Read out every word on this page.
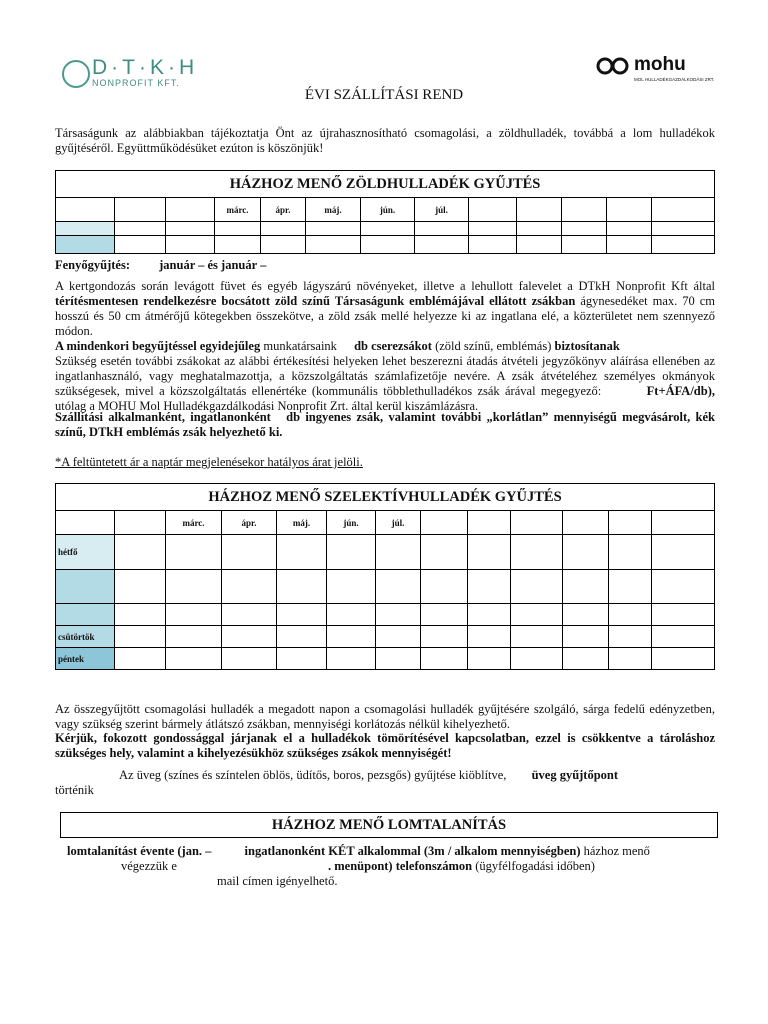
D·T·K·H
NONPROFIT KFT.
mohu
MOL HULLADÉKGAZDÁLKODÁSI ZRT.
ÉVI SZÁLLÍTÁSI REND
Társaságunk az alábbiakban tájékoztatja Önt az újrahasznosítható csomagolási, a zöldhulladék, továbbá a lom hulladékok gyűjtéséről. Együttműködésüket ezúton is köszönjük!
HÁZHOZ MENŐ ZÖLDHULLADÉK GYŰJTÉS												
			márc.	ápr.	máj.	jún.	júl.					

Fenyőgyűjtés: január – és január –
A kertgondozás során levágott füvet és egyéb lágyszárú növényeket, illetve a lehullott falevelet a DTkH Nonprofit Kft által térítésmentesen rendelkezésre bocsátott zöld színű Társaságunk emblémájával ellátott zsákban ágynesedéket max. 70 cm hosszú és 50 cm átmérőjű kötegekben összekötve, a zöld zsák mellé helyezze ki az ingatlana elé, a közterületet nem szennyező módon.
A mindenkori begyűjtéssel egyidejűleg munkatársaink db cserezsákot (zöld színű, emblémás) biztosítanak
Szükség esetén további zsákokat az alábbi értékesítési helyeken lehet beszerezni átadás átvételi jegyzőkönyv aláírása ellenében az ingatlanhasználó, vagy meghatalmazottja, a közszolgáltatás számlafizetője nevére. A zsák átvételéhez személyes okmányok szükségesek, mivel a közszolgáltatás ellenértéke (kommunális többlethulladékos zsák árával megegyező:	Ft+ÁFA/db), utólag a MOHU Mol Hulladékgazdálkodási Nonprofit Zrt. által kerül kiszámlázásra.
Szállítási alkalmanként, ingatlanonként db ingyenes zsák, valamint további „korlátlan” mennyiségű megvásárolt, kék színű, DTkH emblémás zsák helyezhető ki.
*A feltüntetett ár a naptár megjelenésekor hatályos árat jelöli.
HÁZHOZ MENŐ SZELEKTÍVHULLADÉK GYŰJTÉS												
		márc.	ápr.	máj.	jún.	júl.						
hétfő												

csütörtök												
péntek												
Az összegyűjtött csomagolási hulladék a megadott napon a csomagolási hulladék gyűjtésére szolgáló, sárga fedelű edényzetben, vagy szükség szerint bármely átlátszó zsákban, mennyiségi korlátozás nélkül kihelyezhető.
Kérjük, fokozott gondossággal járjanak el a hulladékok tömörítésével kapcsolatban, ezzel is csökkentve a tároláshoz szükséges hely, valamint a kihelyezésükhöz szükséges zsákok mennyiségét!
Az üveg (színes és színtelen öblös, üdítős, boros, pezsgős) gyűjtése kiöblítve, üveg gyűjtőpont
történik
HÁZHOZ MENŐ LOMTALANÍTÁS
lomtalanítást évente (jan. –	ingatlanonként KÉT alkalommal (3m / alkalom mennyiségben) házhoz menő
végezzük e	. menüpont) telefonszámon (ügyfélfogadási időben)
mail címen igényelhető.
